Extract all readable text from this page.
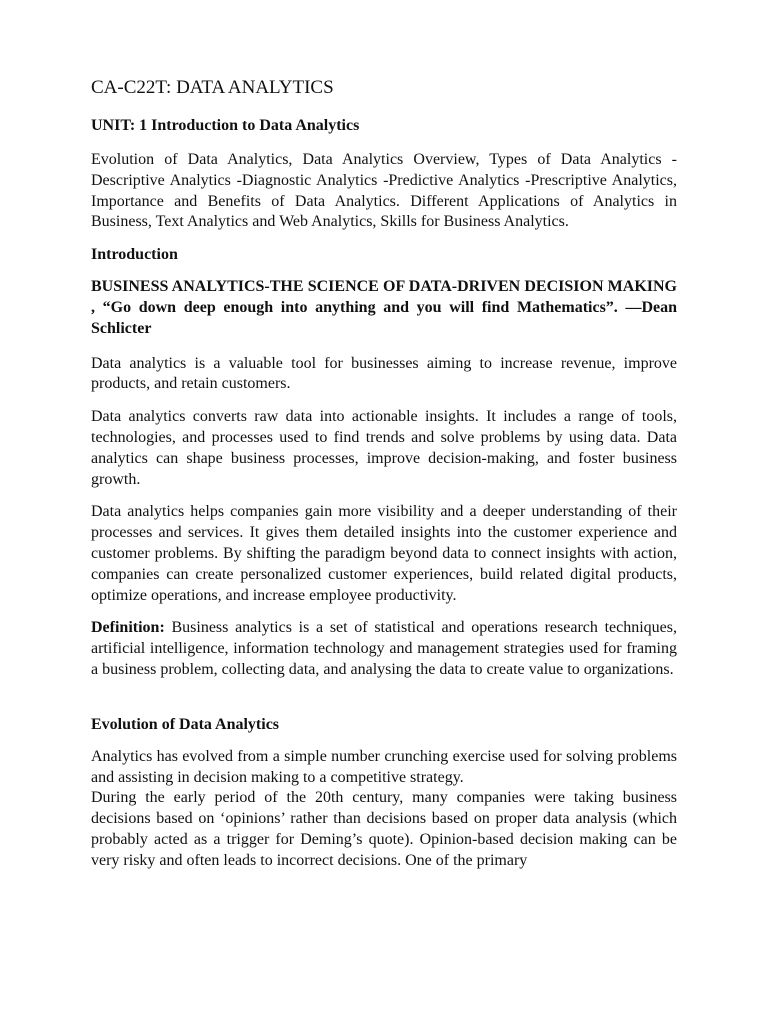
CA-C22T: DATA ANALYTICS
UNIT: 1 Introduction to Data Analytics

Evolution of Data Analytics, Data Analytics Overview, Types of Data Analytics -Descriptive Analytics -Diagnostic Analytics -Predictive Analytics -Prescriptive Analytics, Importance and Benefits of Data Analytics. Different Applications of Analytics in Business, Text Analytics and Web Analytics, Skills for Business Analytics.

Introduction

BUSINESS ANALYTICS-THE SCIENCE OF DATA-DRIVEN DECISION MAKING , “Go down deep enough into anything and you will find Mathematics”. —Dean Schlicter

Data analytics is a valuable tool for businesses aiming to increase revenue, improve products, and retain customers.

Data analytics converts raw data into actionable insights. It includes a range of tools, technologies, and processes used to find trends and solve problems by using data. Data analytics can shape business processes, improve decision-making, and foster business growth.

Data analytics helps companies gain more visibility and a deeper understanding of their processes and services. It gives them detailed insights into the customer experience and customer problems. By shifting the paradigm beyond data to connect insights with action, companies can create personalized customer experiences, build related digital products, optimize operations, and increase employee productivity.

Definition: Business analytics is a set of statistical and operations research techniques, artificial intelligence, information technology and management strategies used for framing a business problem, collecting data, and analysing the data to create value to organizations.

Evolution of Data Analytics

Analytics has evolved from a simple number crunching exercise used for solving problems and assisting in decision making to a competitive strategy.

During the early period of the 20th century, many companies were taking business decisions based on ‘opinions’ rather than decisions based on proper data analysis (which probably acted as a trigger for Deming’s quote). Opinion-based decision making can be very risky and often leads to incorrect decisions. One of the primary
